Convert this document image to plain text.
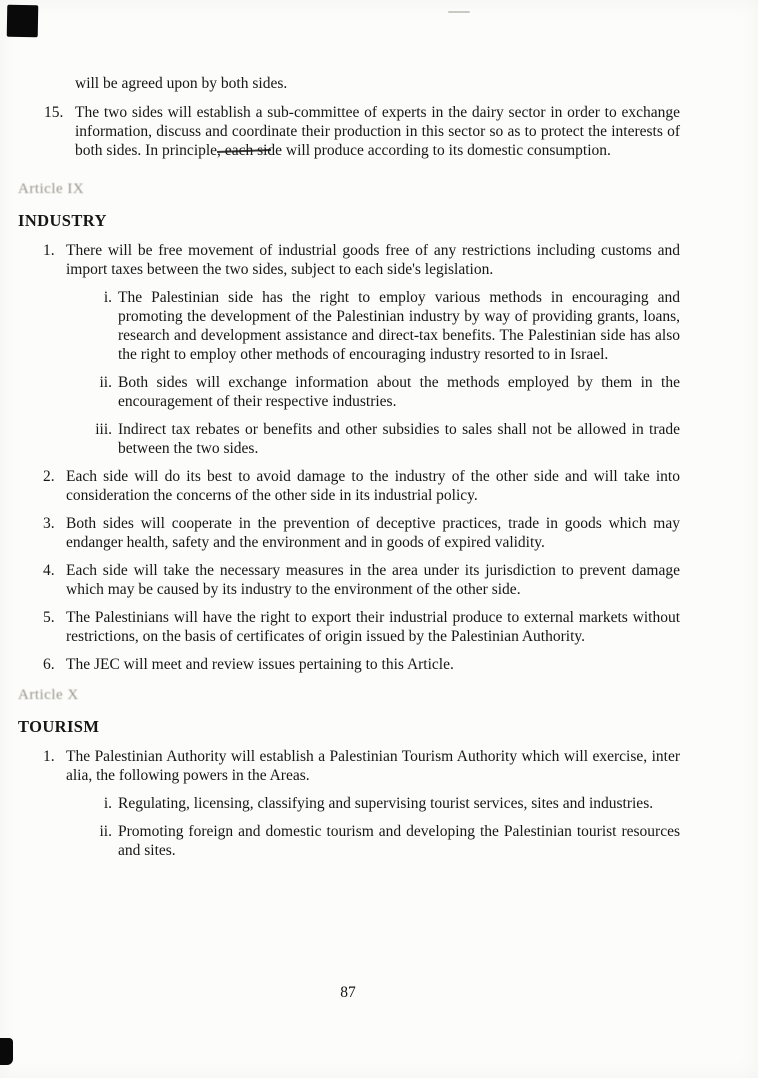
will be agreed upon by both sides.
15. The two sides will establish a sub-committee of experts in the dairy sector in order to exchange information, discuss and coordinate their production in this sector so as to protect the interests of both sides. In principle, each side will produce according to its domestic consumption.
Article IX
INDUSTRY
1. There will be free movement of industrial goods free of any restrictions including customs and import taxes between the two sides, subject to each side's legislation.
i. The Palestinian side has the right to employ various methods in encouraging and promoting the development of the Palestinian industry by way of providing grants, loans, research and development assistance and direct-tax benefits. The Palestinian side has also the right to employ other methods of encouraging industry resorted to in Israel.
ii. Both sides will exchange information about the methods employed by them in the encouragement of their respective industries.
iii. Indirect tax rebates or benefits and other subsidies to sales shall not be allowed in trade between the two sides.
2. Each side will do its best to avoid damage to the industry of the other side and will take into consideration the concerns of the other side in its industrial policy.
3. Both sides will cooperate in the prevention of deceptive practices, trade in goods which may endanger health, safety and the environment and in goods of expired validity.
4. Each side will take the necessary measures in the area under its jurisdiction to prevent damage which may be caused by its industry to the environment of the other side.
5. The Palestinians will have the right to export their industrial produce to external markets without restrictions, on the basis of certificates of origin issued by the Palestinian Authority.
6. The JEC will meet and review issues pertaining to this Article.
Article X
TOURISM
1. The Palestinian Authority will establish a Palestinian Tourism Authority which will exercise, inter alia, the following powers in the Areas.
i. Regulating, licensing, classifying and supervising tourist services, sites and industries.
ii. Promoting foreign and domestic tourism and developing the Palestinian tourist resources and sites.
87
